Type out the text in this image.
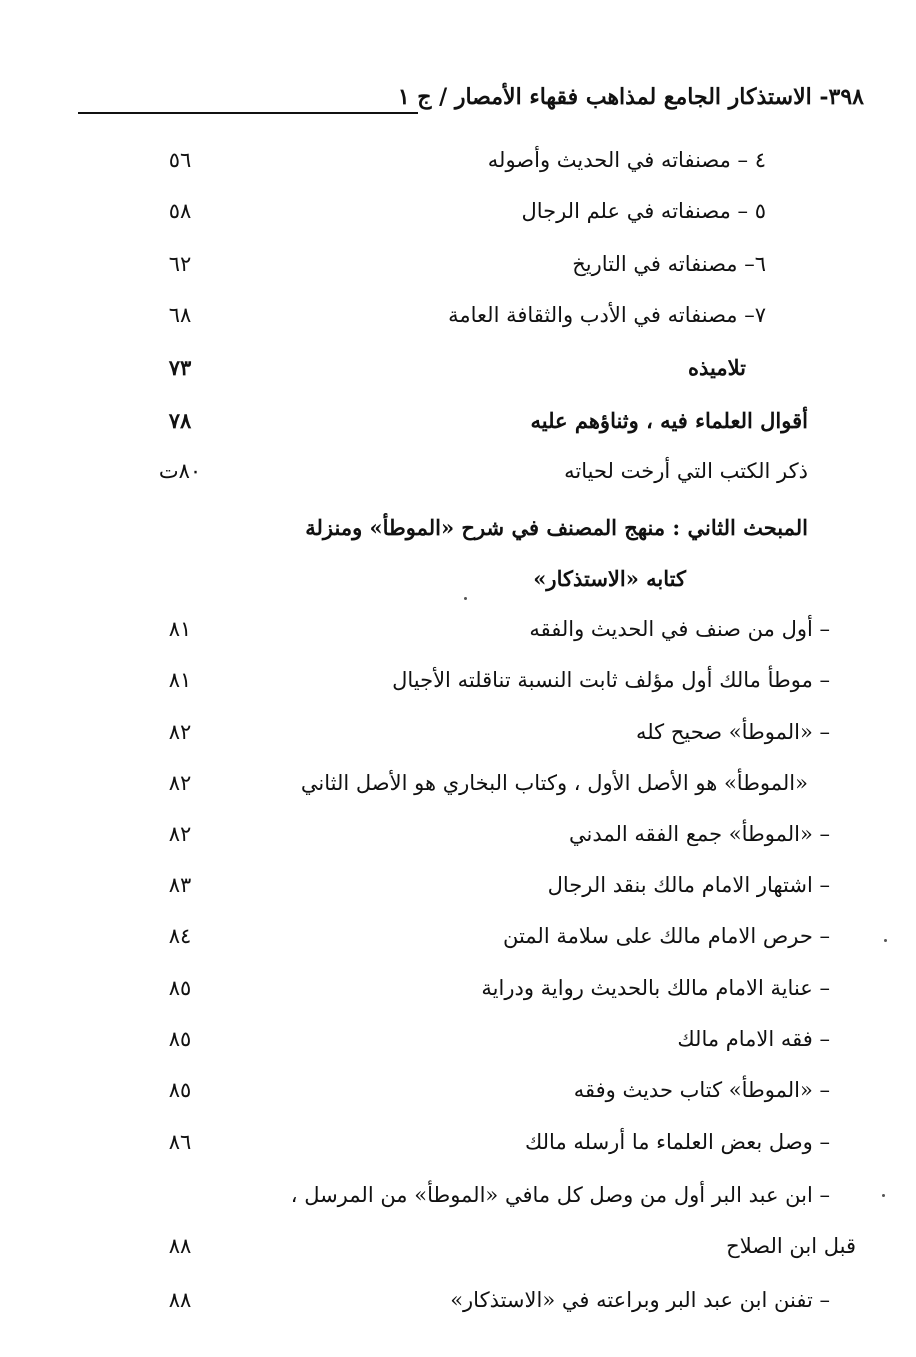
٣٩٨- الاستذكار الجامع لمذاهب فقهاء الأمصار / ج ١
٤ – مصنفاته في الحديث وأصوله
٥٦
٥ – مصنفاته في علم الرجال
٥٨
٦– مصنفاته في التاريخ
٦٢
٧– مصنفاته في الأدب والثقافة العامة
٦٨
تلاميذه
٧٣
أقوال العلماء فيه ، وثناؤهم عليه
٧٨
ذكر الكتب التي أرخت لحياته
٨٠ت
المبحث الثاني : منهج المصنف في شرح «الموطأ» ومنزلة
كتابه «الاستذكار»
– أول من صنف في الحديث والفقه
٨١
– موطأ مالك أول مؤلف ثابت النسبة تناقلته الأجيال
٨١
– «الموطأ» صحيح كله
٨٢
«الموطأ» هو الأصل الأول ، وكتاب البخاري هو الأصل الثاني
٨٢
– «الموطأ» جمع الفقه المدني
٨٢
– اشتهار الامام مالك بنقد الرجال
٨٣
– حرص الامام مالك على سلامة المتن
٨٤
– عناية الامام مالك بالحديث رواية ودراية
٨٥
– فقه الامام مالك
٨٥
– «الموطأ» كتاب حديث وفقه
٨٥
– وصل بعض العلماء ما أرسله مالك
٨٦
– ابن عبد البر أول من وصل كل مافي «الموطأ» من المرسل ،
قبل ابن الصلاح
٨٨
– تفنن ابن عبد البر وبراعته في «الاستذكار»
٨٨
